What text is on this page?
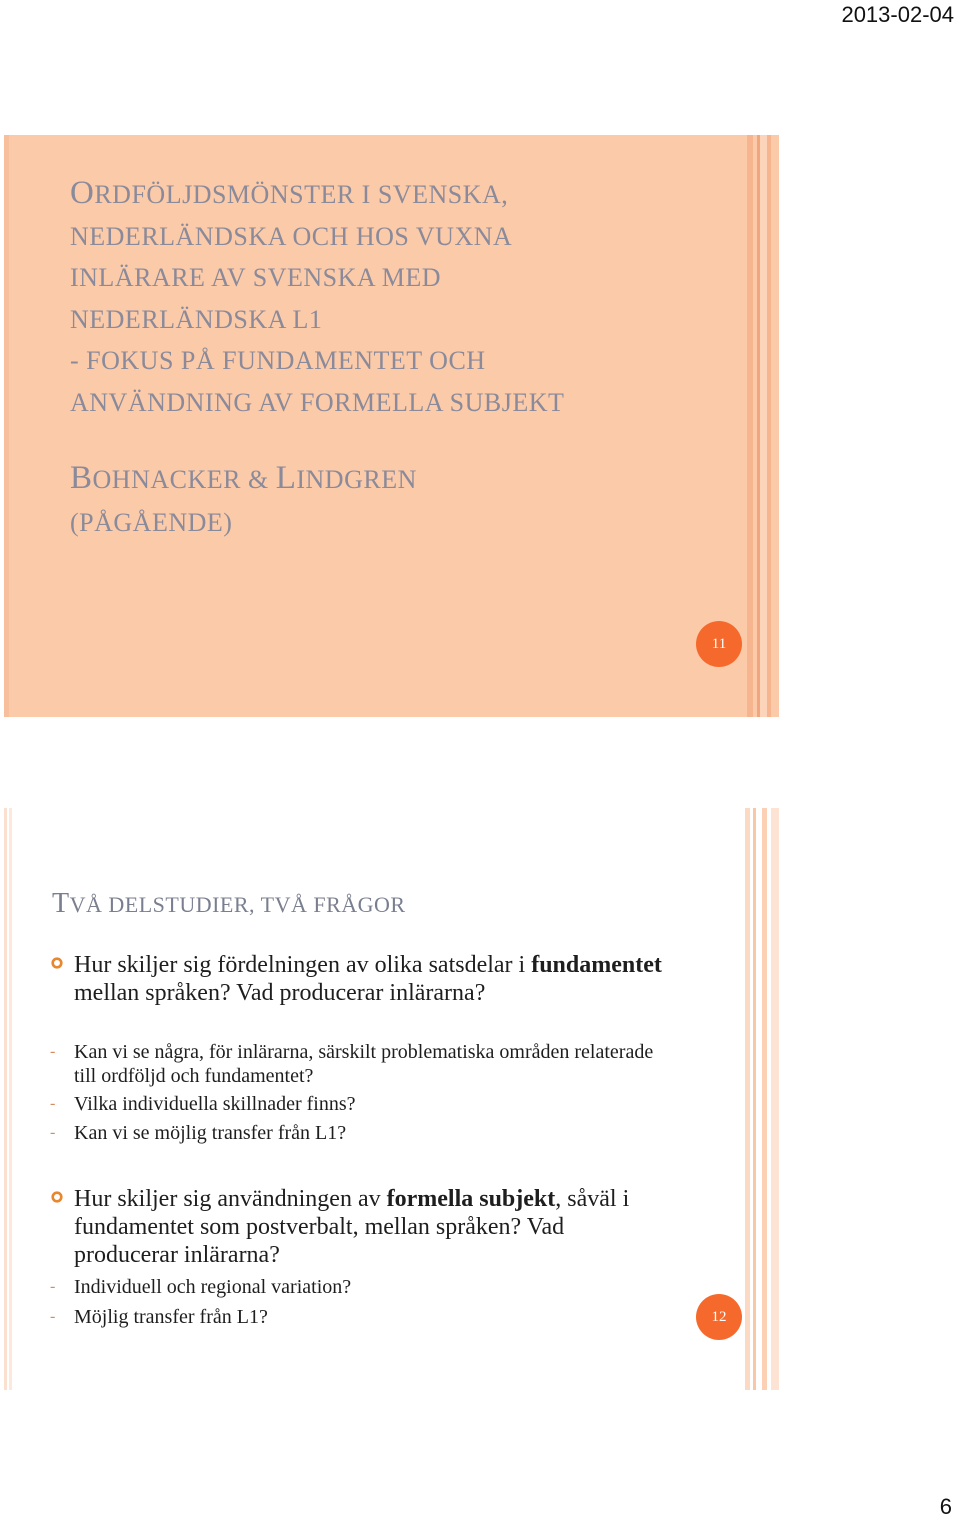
2013-02-04
ORDFÖLJDSMÖNSTER I SVENSKA,
NEDERLÄNDSKA OCH HOS VUXNA
INLÄRARE AV SVENSKA MED
NEDERLÄNDSKA L1
- FOKUS PÅ FUNDAMENTET OCH
ANVÄNDNING AV FORMELLA SUBJEKT
BOHNACKER & LINDGREN
(PÅGÅENDE)
11
TVÅ DELSTUDIER, TVÅ FRÅGOR
Hur skiljer sig fördelningen av olika satsdelar i fundamentet mellan språken? Vad producerar inlärarna?
- Kan vi se några, för inlärarna, särskilt problematiska områden relaterade till ordföljd och fundamentet?
- Vilka individuella skillnader finns?
- Kan vi se möjlig transfer från L1?
Hur skiljer sig användningen av formella subjekt, såväl i fundamentet som postverbalt, mellan språken? Vad producerar inlärarna?
- Individuell och regional variation?
- Möjlig transfer från L1?	12
6
